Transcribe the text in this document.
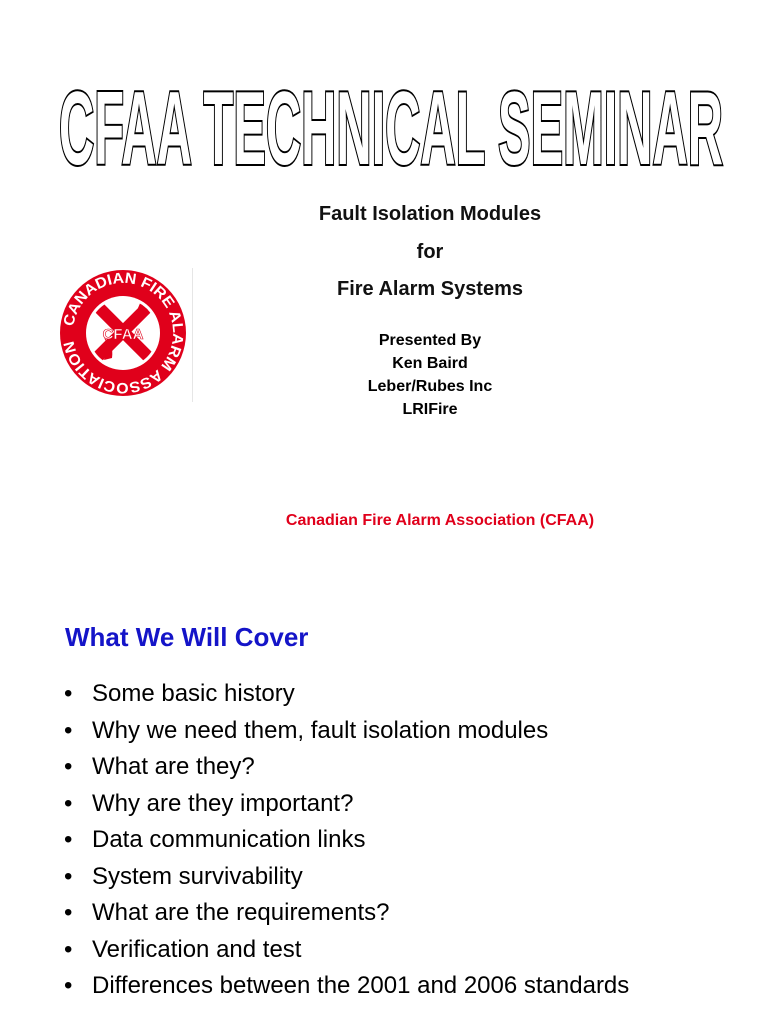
CFAA TECHNICAL SEMINAR
CANADIAN FIRE ALARM ASSOCIATION
CFAA
Fault Isolation Modules
for
Fire Alarm Systems
Presented By
Ken Baird
Leber/Rubes Inc
LRIFire
Canadian Fire Alarm Association (CFAA)
What We Will Cover
• Some basic history
• Why we need them, fault isolation modules
• What are they?
• Why are they important?
• Data communication links
• System survivability
• What are the requirements?
• Verification and test
• Differences between the 2001 and 2006 standards
